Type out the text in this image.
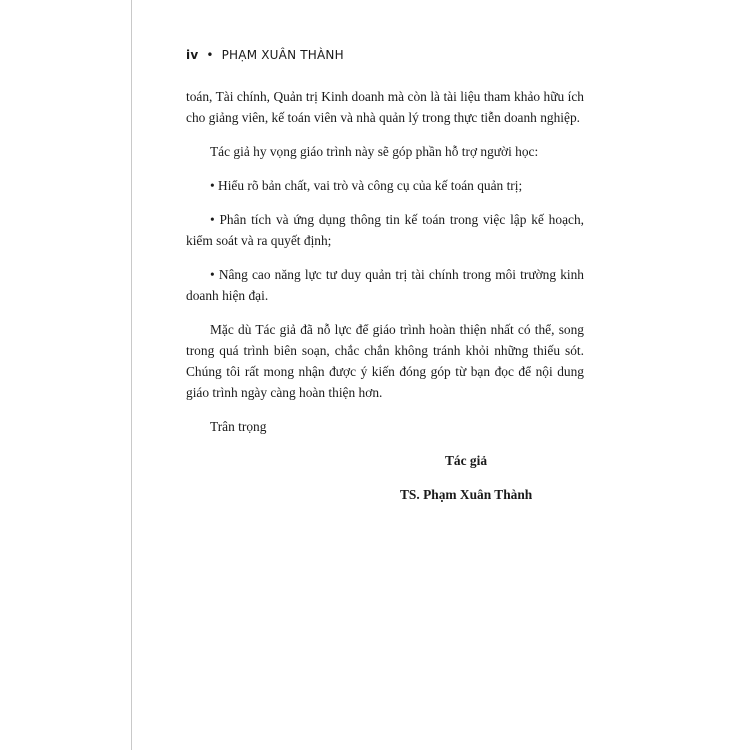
iv • PHẠM XUÂN THÀNH

toán, Tài chính, Quản trị Kinh doanh mà còn là tài liệu tham khảo hữu ích cho giảng viên, kế toán viên và nhà quản lý trong thực tiễn doanh nghiệp.

Tác giả hy vọng giáo trình này sẽ góp phần hỗ trợ người học:

• Hiểu rõ bản chất, vai trò và công cụ của kế toán quản trị;

• Phân tích và ứng dụng thông tin kế toán trong việc lập kế hoạch, kiểm soát và ra quyết định;

• Nâng cao năng lực tư duy quản trị tài chính trong môi trường kinh doanh hiện đại.

Mặc dù Tác giả đã nỗ lực để giáo trình hoàn thiện nhất có thể, song trong quá trình biên soạn, chắc chắn không tránh khỏi những thiếu sót. Chúng tôi rất mong nhận được ý kiến đóng góp từ bạn đọc để nội dung giáo trình ngày càng hoàn thiện hơn.

Trân trọng

Tác giả

TS. Phạm Xuân Thành
